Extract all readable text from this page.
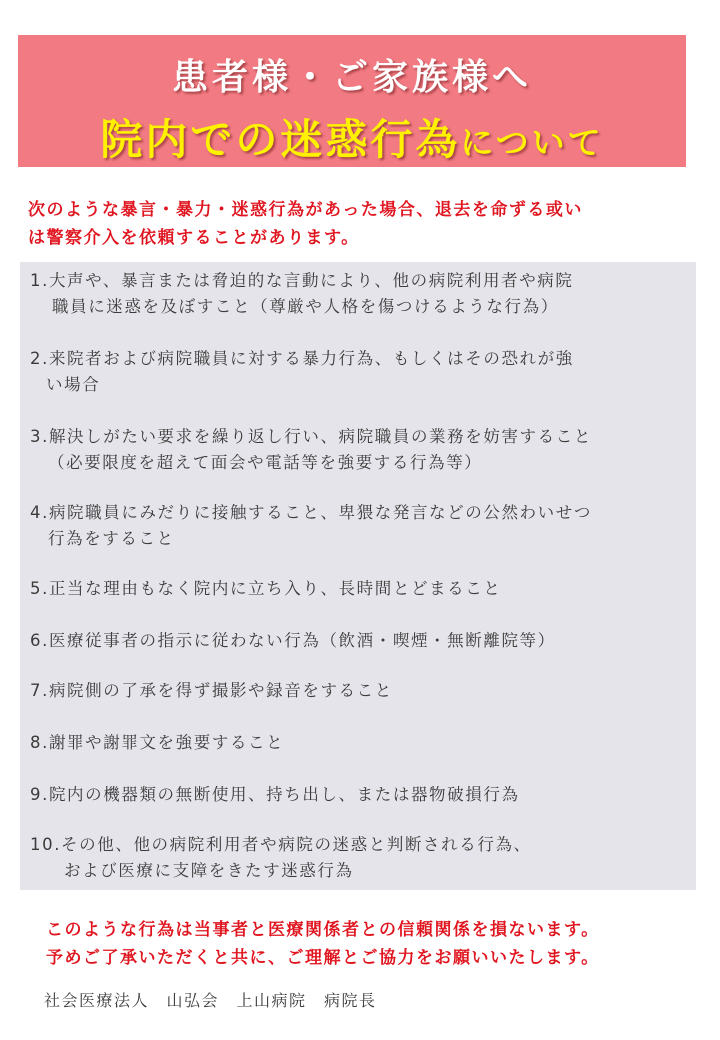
患者様・ご家族様へ
院内での迷惑行為について
次のような暴言・暴力・迷惑行為があった場合、退去を命ずる或い
は警察介入を依頼することがあります。
1.大声や、暴言または脅迫的な言動により、他の病院利用者や病院
職員に迷惑を及ぼすこと（尊厳や人格を傷つけるような行為）
2.来院者および病院職員に対する暴力行為、もしくはその恐れが強
い場合
3.解決しがたい要求を繰り返し行い、病院職員の業務を妨害すること
（必要限度を超えて面会や電話等を強要する行為等）
4.病院職員にみだりに接触すること、卑猥な発言などの公然わいせつ
行為をすること
5.正当な理由もなく院内に立ち入り、長時間とどまること
6.医療従事者の指示に従わない行為（飲酒・喫煙・無断離院等）
7.病院側の了承を得ず撮影や録音をすること
8.謝罪や謝罪文を強要すること
9.院内の機器類の無断使用、持ち出し、または器物破損行為
10.その他、他の病院利用者や病院の迷惑と判断される行為、
および医療に支障をきたす迷惑行為
このような行為は当事者と医療関係者との信頼関係を損ないます。
予めご了承いただくと共に、ご理解とご協力をお願いいたします。
社会医療法人　山弘会　上山病院　病院長
